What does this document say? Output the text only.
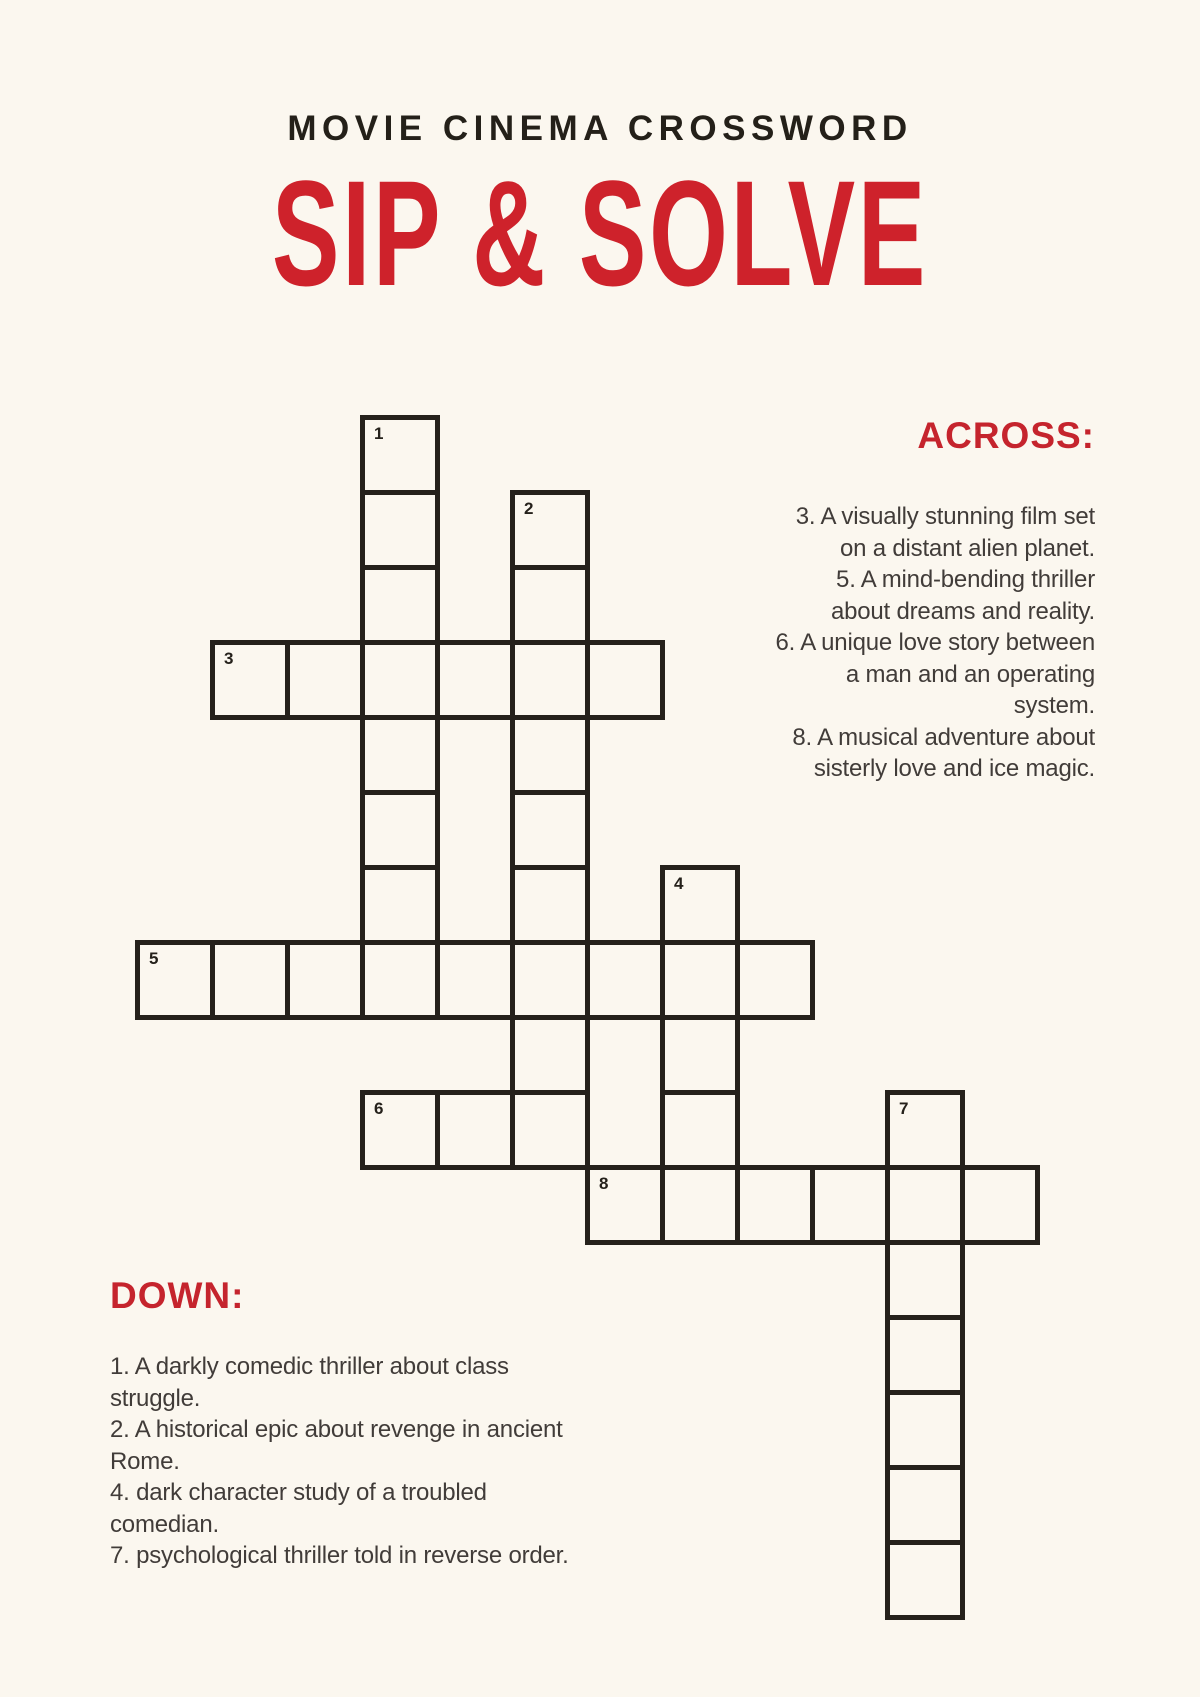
MOVIE CINEMA CROSSWORD
SIP & SOLVE
1
2
3
4
5
6	7
8
ACROSS:
3. A visually stunning film set
on a distant alien planet.
5. A mind-bending thriller
about dreams and reality.
6. A unique love story between
a man and an operating
system.
8. A musical adventure about
sisterly love and ice magic.
DOWN:
1. A darkly comedic thriller about class
struggle.
2. A historical epic about revenge in ancient
Rome.
4. dark character study of a troubled
comedian.
7. psychological thriller told in reverse order.
